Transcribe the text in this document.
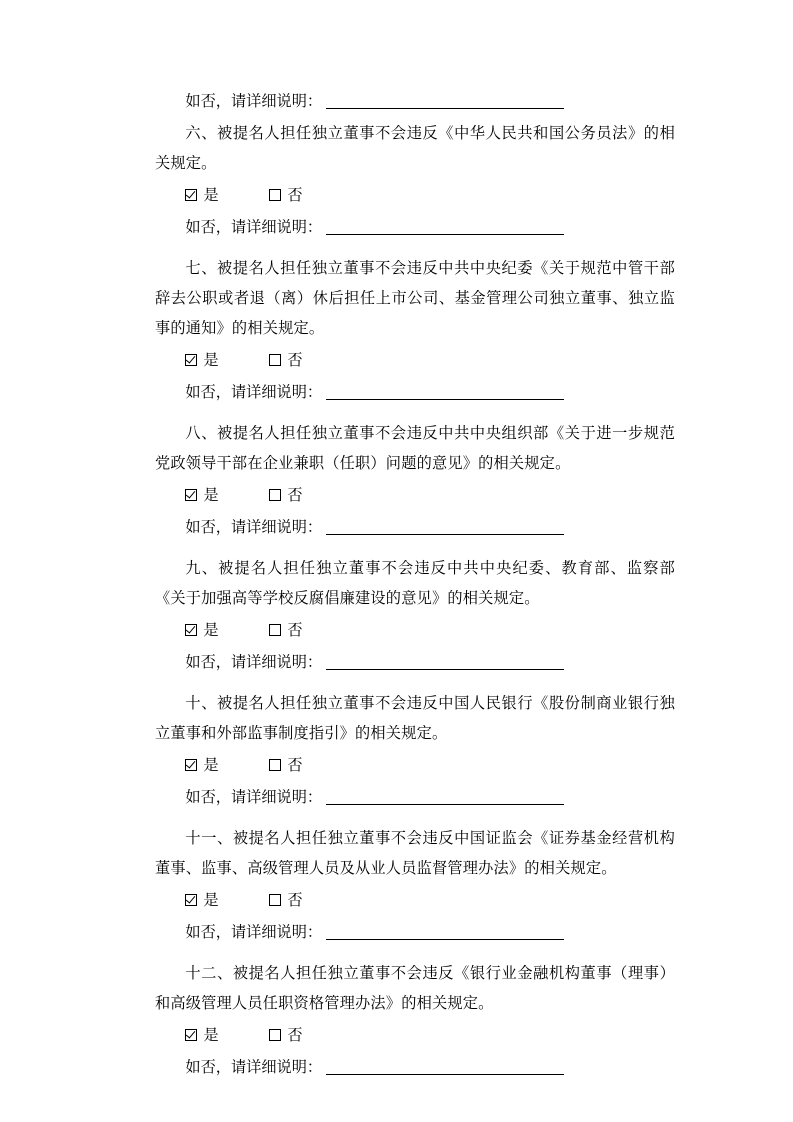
如否，请详细说明：

六、被提名人担任独立董事不会违反《中华人民共和国公务员法》的相关规定。

是	否
如否，请详细说明：

七、被提名人担任独立董事不会违反中共中央纪委《关于规范中管干部辞去公职或者退（离）休后担任上市公司、基金管理公司独立董事、独立监事的通知》的相关规定。

是	否
如否，请详细说明：

八、被提名人担任独立董事不会违反中共中央组织部《关于进一步规范党政领导干部在企业兼职（任职）问题的意见》的相关规定。

是	否
如否，请详细说明：

九、被提名人担任独立董事不会违反中共中央纪委、教育部、监察部《关于加强高等学校反腐倡廉建设的意见》的相关规定。

是	否
如否，请详细说明：

十、被提名人担任独立董事不会违反中国人民银行《股份制商业银行独立董事和外部监事制度指引》的相关规定。

是	否
如否，请详细说明：

十一、被提名人担任独立董事不会违反中国证监会《证券基金经营机构董事、监事、高级管理人员及从业人员监督管理办法》的相关规定。

是	否
如否，请详细说明：

十二、被提名人担任独立董事不会违反《银行业金融机构董事（理事）和高级管理人员任职资格管理办法》的相关规定。

是	否
如否，请详细说明：
